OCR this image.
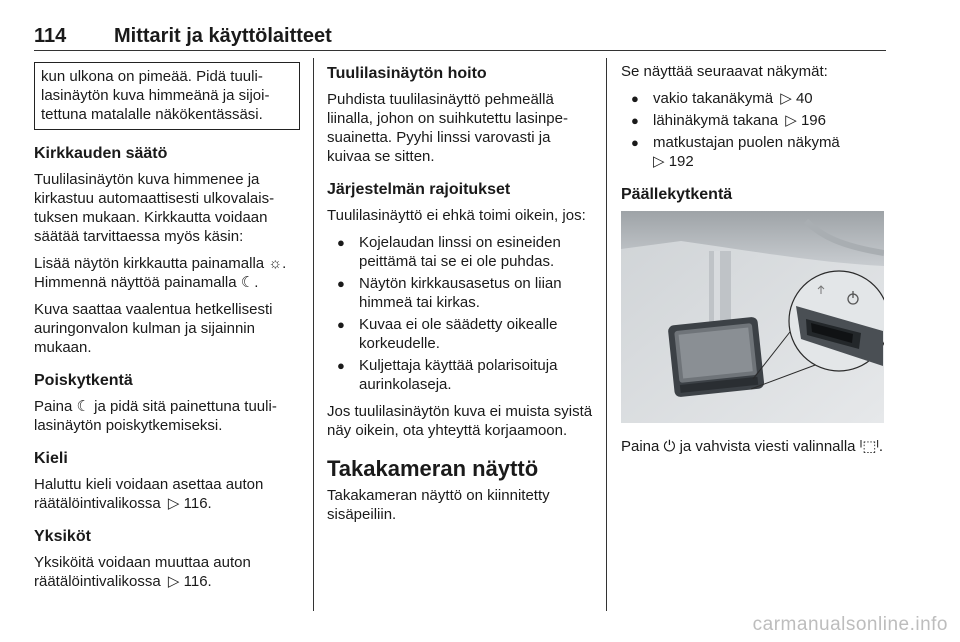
114 Mittarit ja käyttölaitteet

kun ulkona on pimeää. Pidä tuulilasinäytön kuva himmeänä ja sijoitettuna matalalle näkökentässäsi.

Kirkkauden säätö

Tuulilasinäytön kuva himmenee ja kirkastuu automaattisesti ulkovalaistuksen mukaan. Kirkkautta voidaan säätää tarvittaessa myös käsin:

Lisää näytön kirkkautta painamalla ☼. Himmennä näyttöä painamalla ☾.

Kuva saattaa vaalentua hetkellisesti auringonvalon kulman ja sijainnin mukaan.

Poiskytkentä

Paina ☾ ja pidä sitä painettuna tuulilasinäytön poiskytkemiseksi.

Kieli

Haluttu kieli voidaan asettaa auton räätälöintivalikossa ▷ 116.

Yksiköt

Yksiköitä voidaan muuttaa auton räätälöintivalikossa ▷ 116.

Tuulilasinäytön hoito

Puhdista tuulilasinäyttö pehmeällä liinalla, johon on suihkutettu lasinpesuainetta. Pyyhi linssi varovasti ja kuivaa se sitten.

Järjestelmän rajoitukset

Tuulilasinäyttö ei ehkä toimi oikein, jos:

● Kojelaudan linssi on esineiden peittämä tai se ei ole puhdas.
● Näytön kirkkausasetus on liian himmeä tai kirkas.
● Kuvaa ei ole säädetty oikealle korkeudelle.
● Kuljettaja käyttää polarisoituja aurinkolaseja.

Jos tuulilasinäytön kuva ei muista syistä näy oikein, ota yhteyttä korjaamoon.

Takakameran näyttö

Takakameran näyttö on kiinnitetty sisäpeiliin.

Se näyttää seuraavat näkymät:

● vakio takanäkymä ▷ 40
● lähinäkymä takana ▷ 196
● matkustajan puolen näkymä
▷ 192
Päällekytkentä

Paina ⏻ ja vahvista viesti valinnalla ᴵ⬚ᴵ.

carmanualsonline.info
